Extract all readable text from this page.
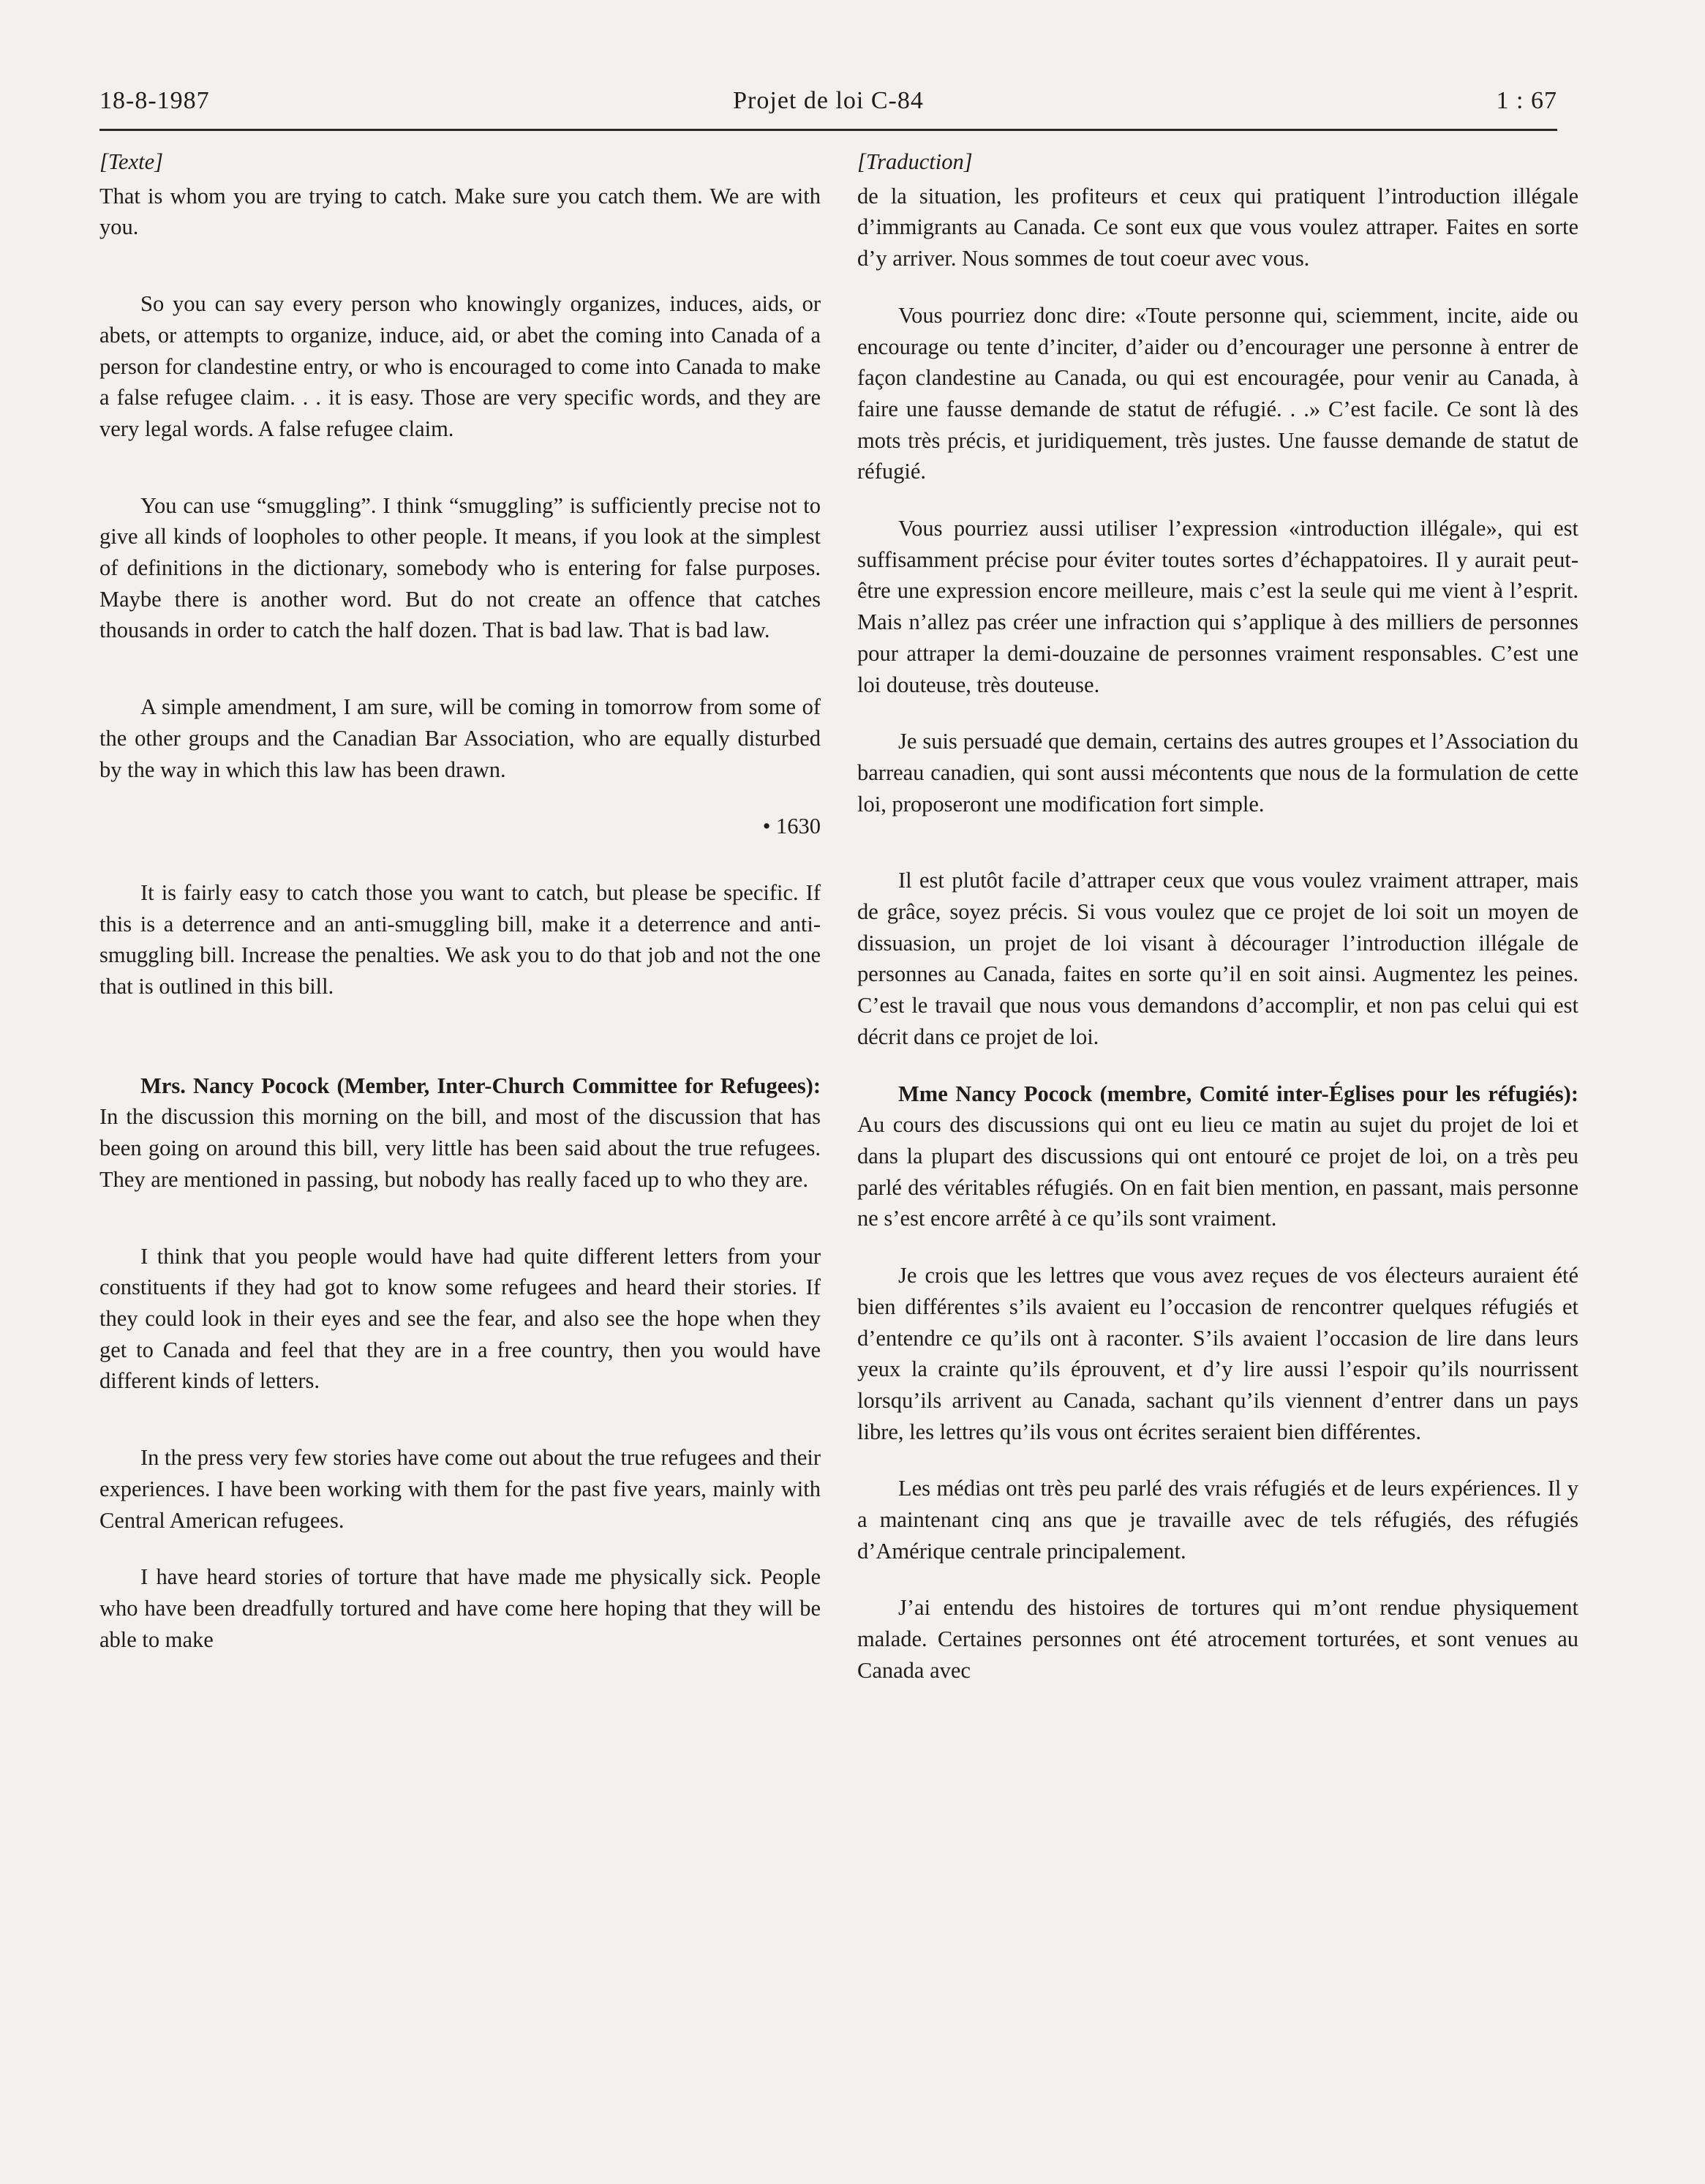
18-8-1987	Projet de loi C-84	1 : 67
[Texte]

That is whom you are trying to catch. Make sure you catch them. We are with you.

So you can say every person who knowingly organizes, induces, aids, or abets, or attempts to organize, induce, aid, or abet the coming into Canada of a person for clandestine entry, or who is encouraged to come into Canada to make a false refugee claim. . . it is easy. Those are very specific words, and they are very legal words. A false refugee claim.

You can use “smuggling”. I think “smuggling” is sufficiently precise not to give all kinds of loopholes to other people. It means, if you look at the simplest of definitions in the dictionary, somebody who is entering for false purposes. Maybe there is another word. But do not create an offence that catches thousands in order to catch the half dozen. That is bad law. That is bad law.

A simple amendment, I am sure, will be coming in tomorrow from some of the other groups and the Canadian Bar Association, who are equally disturbed by the way in which this law has been drawn.

• 1630

It is fairly easy to catch those you want to catch, but please be specific. If this is a deterrence and an anti-smuggling bill, make it a deterrence and anti-smuggling bill. Increase the penalties. We ask you to do that job and not the one that is outlined in this bill.

Mrs. Nancy Pocock (Member, Inter-Church Committee for Refugees): In the discussion this morning on the bill, and most of the discussion that has been going on around this bill, very little has been said about the true refugees. They are mentioned in passing, but nobody has really faced up to who they are.

I think that you people would have had quite different letters from your constituents if they had got to know some refugees and heard their stories. If they could look in their eyes and see the fear, and also see the hope when they get to Canada and feel that they are in a free country, then you would have different kinds of letters.

In the press very few stories have come out about the true refugees and their experiences. I have been working with them for the past five years, mainly with Central American refugees.

I have heard stories of torture that have made me physically sick. People who have been dreadfully tortured and have come here hoping that they will be able to make

[Traduction]

de la situation, les profiteurs et ceux qui pratiquent l’introduction illégale d’immigrants au Canada. Ce sont eux que vous voulez attraper. Faites en sorte d’y arriver. Nous sommes de tout coeur avec vous.

Vous pourriez donc dire: «Toute personne qui, sciemment, incite, aide ou encourage ou tente d’inciter, d’aider ou d’encourager une personne à entrer de façon clandestine au Canada, ou qui est encouragée, pour venir au Canada, à faire une fausse demande de statut de réfugié. . .» C’est facile. Ce sont là des mots très précis, et juridiquement, très justes. Une fausse demande de statut de réfugié.

Vous pourriez aussi utiliser l’expression «introduction illégale», qui est suffisamment précise pour éviter toutes sortes d’échappatoires. Il y aurait peut-être une expression encore meilleure, mais c’est la seule qui me vient à l’esprit. Mais n’allez pas créer une infraction qui s’applique à des milliers de personnes pour attraper la demi-douzaine de personnes vraiment responsables. C’est une loi douteuse, très douteuse.

Je suis persuadé que demain, certains des autres groupes et l’Association du barreau canadien, qui sont aussi mécontents que nous de la formulation de cette loi, proposeront une modification fort simple.

Il est plutôt facile d’attraper ceux que vous voulez vraiment attraper, mais de grâce, soyez précis. Si vous voulez que ce projet de loi soit un moyen de dissuasion, un projet de loi visant à décourager l’introduction illégale de personnes au Canada, faites en sorte qu’il en soit ainsi. Augmentez les peines. C’est le travail que nous vous demandons d’accomplir, et non pas celui qui est décrit dans ce projet de loi.

Mme Nancy Pocock (membre, Comité inter-Églises pour les réfugiés): Au cours des discussions qui ont eu lieu ce matin au sujet du projet de loi et dans la plupart des discussions qui ont entouré ce projet de loi, on a très peu parlé des véritables réfugiés. On en fait bien mention, en passant, mais personne ne s’est encore arrêté à ce qu’ils sont vraiment.

Je crois que les lettres que vous avez reçues de vos électeurs auraient été bien différentes s’ils avaient eu l’occasion de rencontrer quelques réfugiés et d’entendre ce qu’ils ont à raconter. S’ils avaient l’occasion de lire dans leurs yeux la crainte qu’ils éprouvent, et d’y lire aussi l’espoir qu’ils nourrissent lorsqu’ils arrivent au Canada, sachant qu’ils viennent d’entrer dans un pays libre, les lettres qu’ils vous ont écrites seraient bien différentes.

Les médias ont très peu parlé des vrais réfugiés et de leurs expériences. Il y a maintenant cinq ans que je travaille avec de tels réfugiés, des réfugiés d’Amérique centrale principalement.

J’ai entendu des histoires de tortures qui m’ont rendue physiquement malade. Certaines personnes ont été atrocement torturées, et sont venues au Canada avec
